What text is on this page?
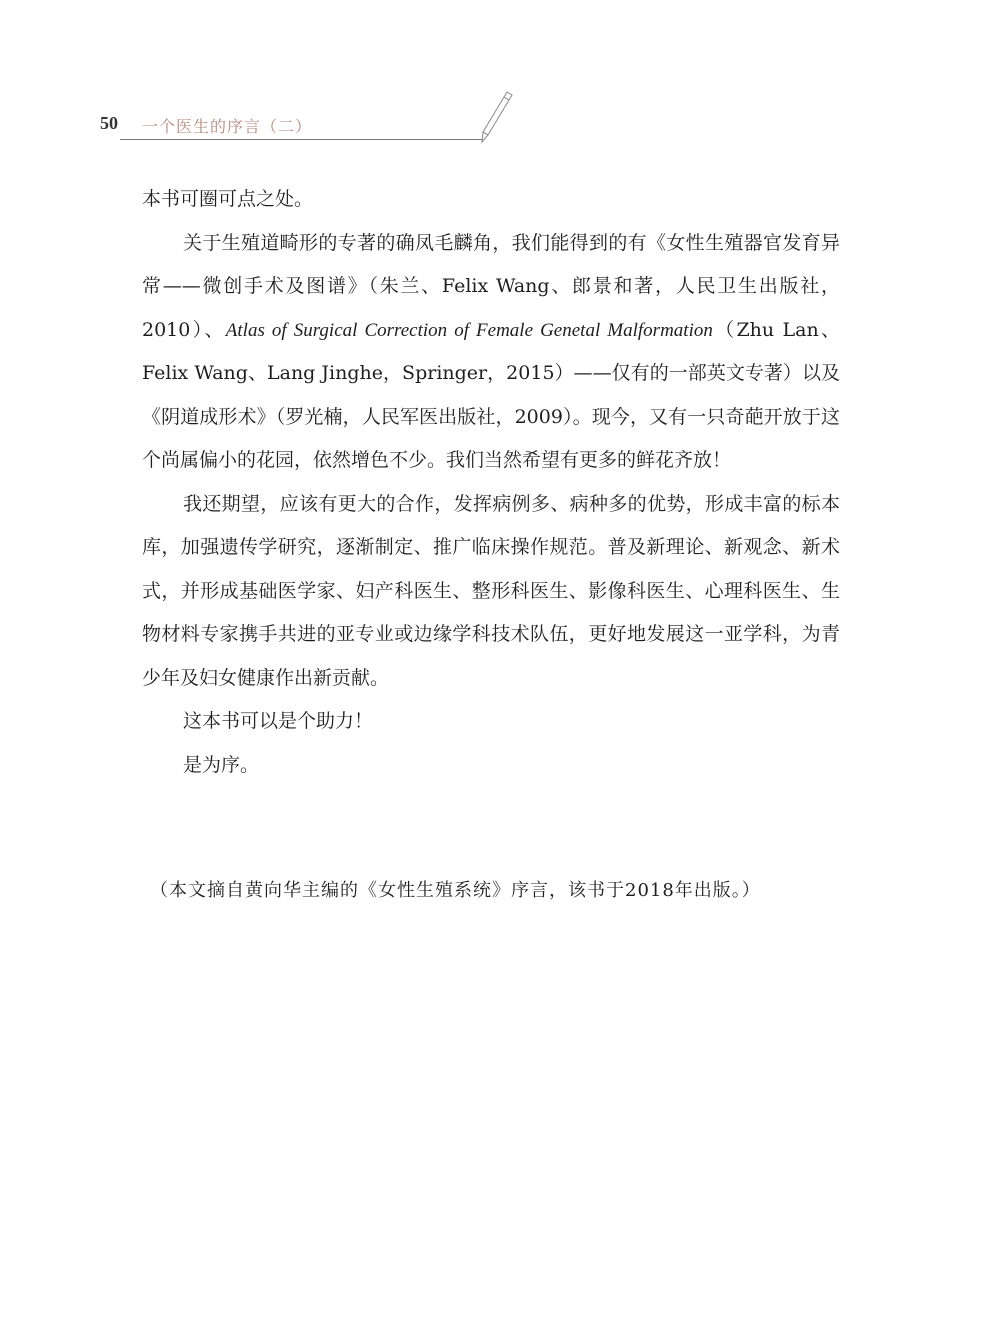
50 一个医生的序言（二）

本书可圈可点之处。

关于生殖道畸形的专著的确凤毛麟角，我们能得到的有《女性生殖器官发育异常——微创手术及图谱》（朱兰、Felix Wang、郎景和著，人民卫生出版社，2010）、Atlas of Surgical Correction of Female Genetal Malformation（Zhu Lan、Felix Wang、Lang Jinghe，Springer，2015）——仅有的一部英文专著）以及《阴道成形术》（罗光楠，人民军医出版社，2009）。现今，又有一只奇葩开放于这个尚属偏小的花园，依然增色不少。我们当然希望有更多的鲜花齐放！

我还期望，应该有更大的合作，发挥病例多、病种多的优势，形成丰富的标本库，加强遗传学研究，逐渐制定、推广临床操作规范。普及新理论、新观念、新术式，并形成基础医学家、妇产科医生、整形科医生、影像科医生、心理科医生、生物材料专家携手共进的亚专业或边缘学科技术队伍，更好地发展这一亚学科，为青少年及妇女健康作出新贡献。

这本书可以是个助力！

是为序。

（本文摘自黄向华主编的《女性生殖系统》序言，该书于2018年出版。）
